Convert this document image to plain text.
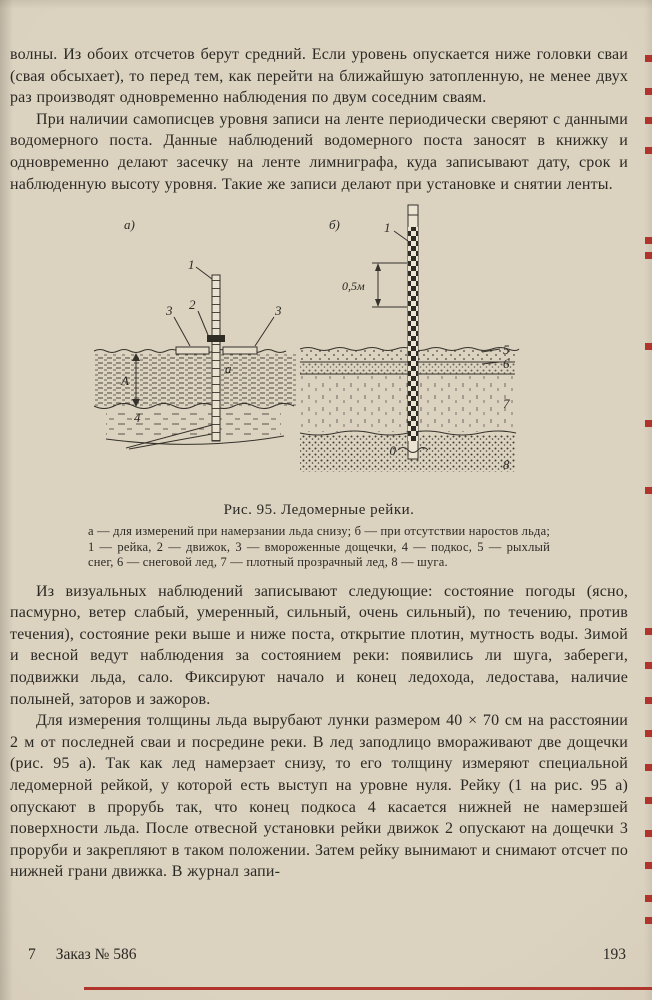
волны. Из обоих отсчетов берут средний. Если уровень опускается ниже головки сваи (свая обсыхает), то перед тем, как перейти на ближайшую затопленную, не менее двух раз производят одновременно наблюдения по двум соседним сваям.

При наличии самописцев уровня записи на ленте периодически сверяют с данными водомерного поста. Данные наблюдений водомерного поста заносят в книжку и одновременно делают засечку на ленте лимниграфа, куда записывают дату, срок и наблюденную высоту уровня. Такие же записи делают при установке и снятии ленты.

а)
1
2
3	3
А
а
4
б)	1
0,5м
5
6
7
8
0
Рис. 95. Ледомерные рейки.
а — для измерений при намерзании льда снизу; б — при отсутствии наростов льда; 1 — рейка, 2 — движок, 3 — вмороженные дощечки, 4 — подкос, 5 — рыхлый снег, 6 — снеговой лед, 7 — плотный прозрачный лед, 8 — шуга.

Из визуальных наблюдений записывают следующие: состояние погоды (ясно, пасмурно, ветер слабый, умеренный, сильный, очень сильный), по течению, против течения), состояние реки выше и ниже поста, открытие плотин, мутность воды. Зимой и весной ведут наблюдения за состоянием реки: появились ли шуга, забереги, подвижки льда, сало. Фиксируют начало и конец ледохода, ледостава, наличие полыней, заторов и зажоров.

Для измерения толщины льда вырубают лунки размером 40 × 70 см на расстоянии 2 м от последней сваи и посредине реки. В лед заподлицо вмораживают две дощечки (рис. 95 а). Так как лед намерзает снизу, то его толщину измеряют специальной ледомерной рейкой, у которой есть выступ на уровне нуля. Рейку (1 на рис. 95 а) опускают в прорубь так, что конец подкоса 4 касается нижней не намерзшей поверхности льда. После отвесной установки рейки движок 2 опускают на дощечки 3 проруби и закрепляют в таком положении. Затем рейку вынимают и снимают отсчет по нижней грани движка. В журнал запи-

7 Заказ № 586	193
